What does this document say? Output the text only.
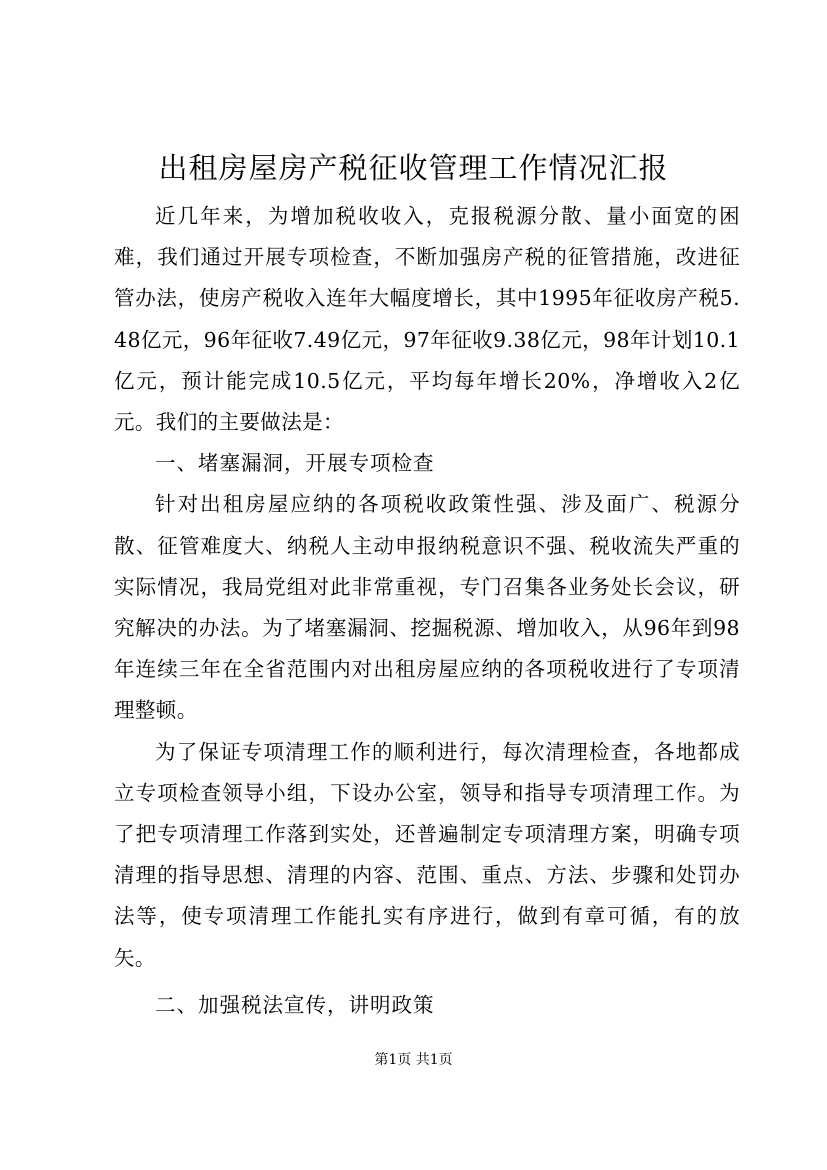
出租房屋房产税征收管理工作情况汇报

近几年来，为增加税收收入，克报税源分散、量小面宽的困难，我们通过开展专项检查，不断加强房产税的征管措施，改进征管办法，使房产税收入连年大幅度增长，其中1995年征收房产税5.48亿元，96年征收7.49亿元，97年征收9.38亿元，98年计划10.1亿元，预计能完成10.5亿元，平均每年增长20%，净增收入2亿元。我们的主要做法是：

一、堵塞漏洞，开展专项检查

针对出租房屋应纳的各项税收政策性强、涉及面广、税源分散、征管难度大、纳税人主动申报纳税意识不强、税收流失严重的实际情况，我局党组对此非常重视，专门召集各业务处长会议，研究解决的办法。为了堵塞漏洞、挖掘税源、增加收入，从96年到98年连续三年在全省范围内对出租房屋应纳的各项税收进行了专项清理整顿。

为了保证专项清理工作的顺利进行，每次清理检查，各地都成立专项检查领导小组，下设办公室，领导和指导专项清理工作。为了把专项清理工作落到实处，还普遍制定专项清理方案，明确专项清理的指导思想、清理的内容、范围、重点、方法、步骤和处罚办法等，使专项清理工作能扎实有序进行，做到有章可循，有的放矢。

二、加强税法宣传，讲明政策

第1页 共1页
